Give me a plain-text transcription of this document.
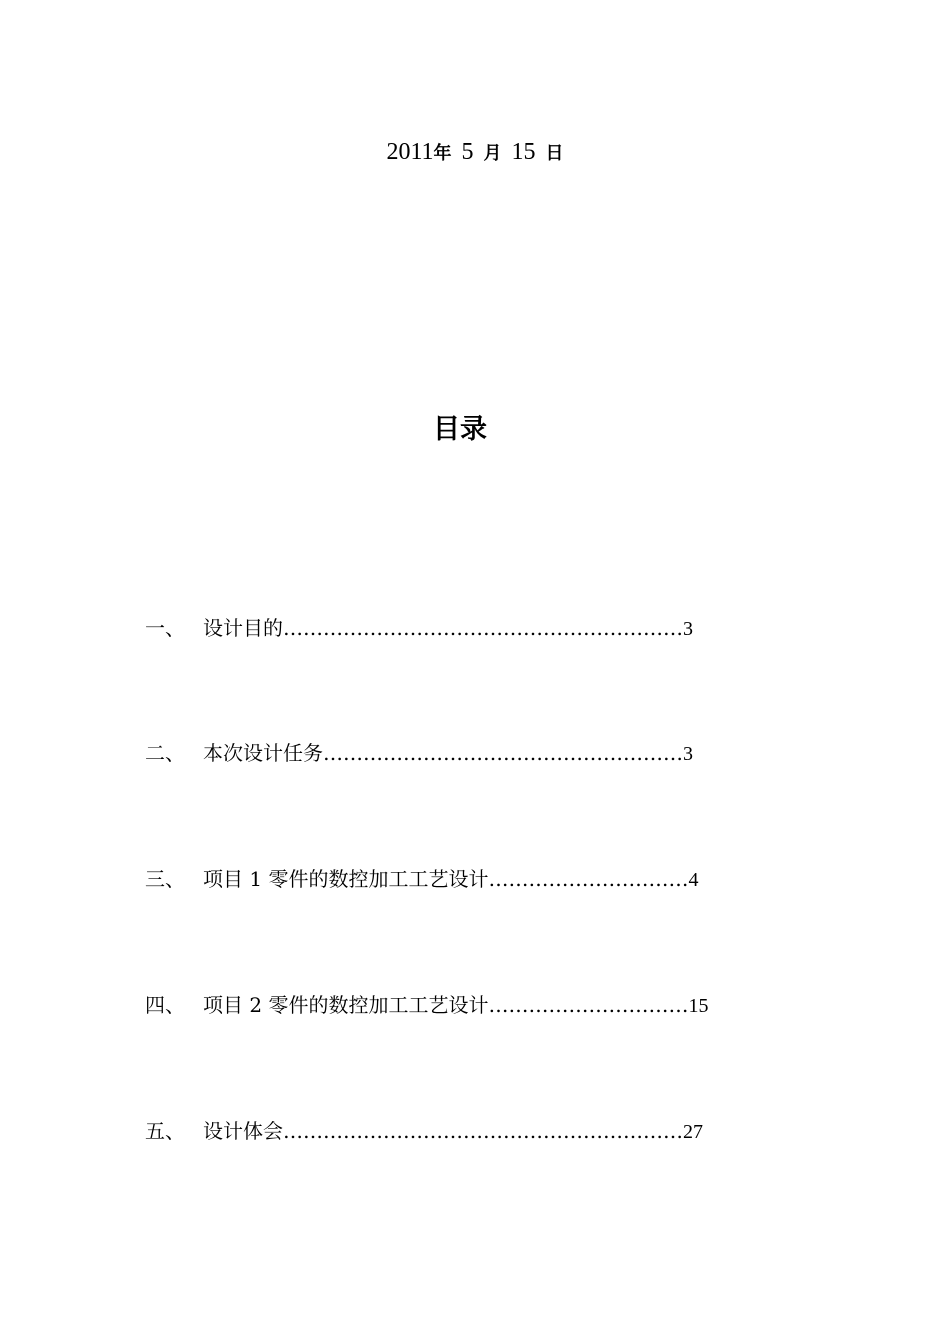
2011年 5 月 15 日
目录
一、 设计目的……………………………………………………3
二、 本次设计任务………………………………………………3
三、 项目 1 零件的数控加工工艺设计…………………………4
四、 项目 2 零件的数控加工工艺设计…………………………15
五、 设计体会……………………………………………………27
